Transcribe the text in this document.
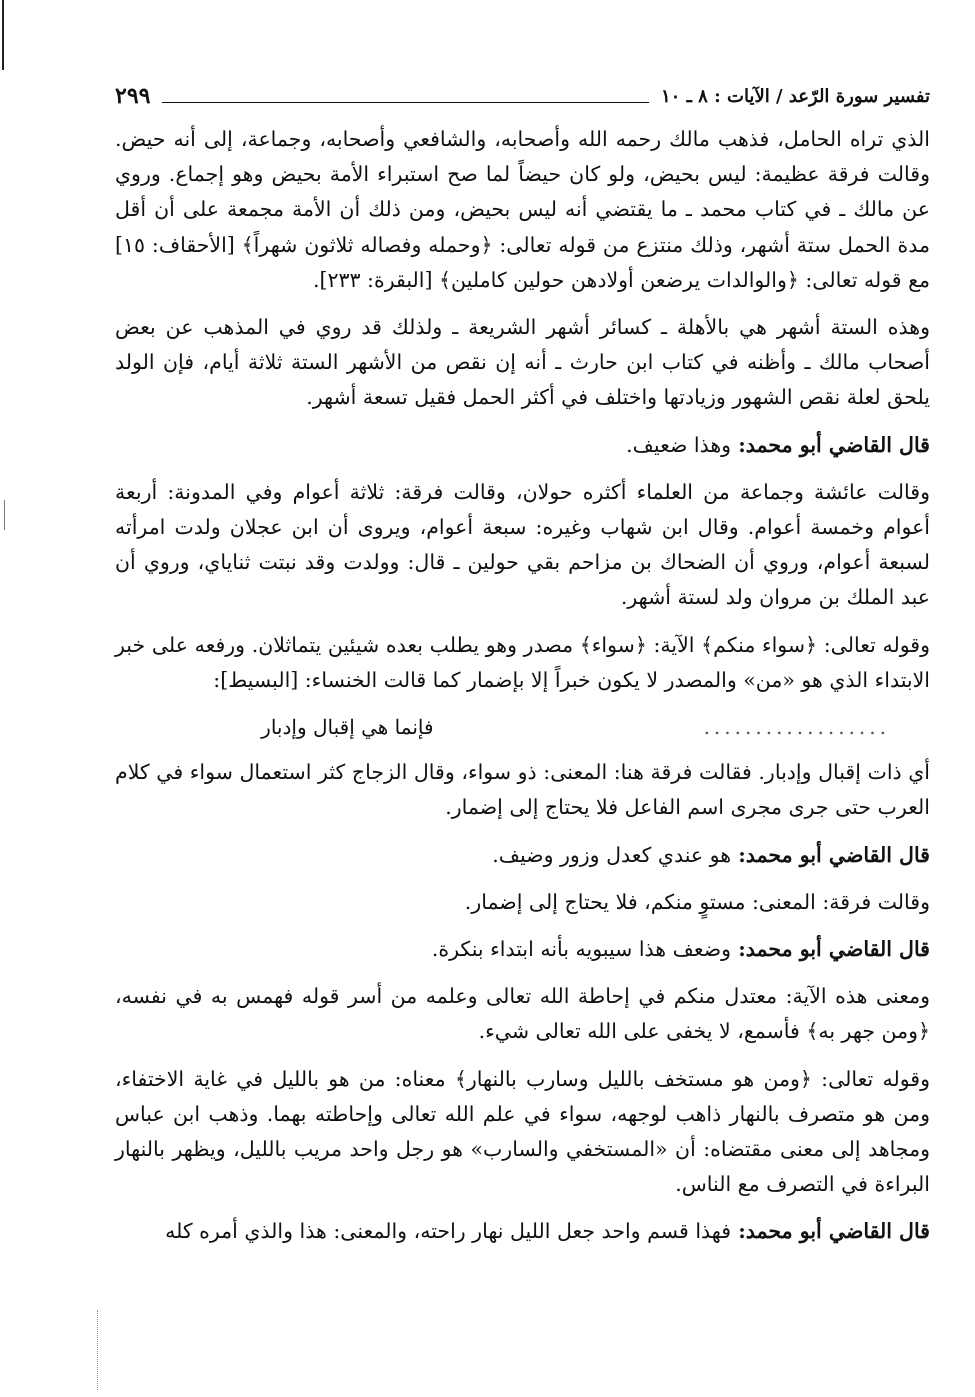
تفسير سورة الرّعد / الآيات : ٨ ـ ١٠
٢٩٩

الذي تراه الحامل، فذهب مالك رحمه الله وأصحابه، والشافعي وأصحابه، وجماعة، إلى أنه حيض. وقالت فرقة عظيمة: ليس بحيض، ولو كان حيضاً لما صح استبراء الأمة بحيض وهو إجماع. وروي عن مالك ـ في كتاب محمد ـ ما يقتضي أنه ليس بحيض، ومن ذلك أن الأمة مجمعة على أن أقل مدة الحمل ستة أشهر، وذلك منتزع من قوله تعالى: ﴿وحمله وفصاله ثلاثون شهراً﴾ [الأحقاف: ١٥] مع قوله تعالى: ﴿والوالدات يرضعن أولادهن حولين كاملين﴾ [البقرة: ٢٣٣].

وهذه الستة أشهر هي بالأهلة ـ كسائر أشهر الشريعة ـ ولذلك قد روي في المذهب عن بعض أصحاب مالك ـ وأظنه في كتاب ابن حارث ـ أنه إن نقص من الأشهر الستة ثلاثة أيام، فإن الولد يلحق لعلة نقص الشهور وزيادتها واختلف في أكثر الحمل فقيل تسعة أشهر.

قال القاضي أبو محمد: وهذا ضعيف.

وقالت عائشة وجماعة من العلماء أكثره حولان، وقالت فرقة: ثلاثة أعوام وفي المدونة: أربعة أعوام وخمسة أعوام. وقال ابن شهاب وغيره: سبعة أعوام، ويروى أن ابن عجلان ولدت امرأته لسبعة أعوام، وروي أن الضحاك بن مزاحم بقي حولين ـ قال: وولدت وقد نبتت ثناياي، وروي أن عبد الملك بن مروان ولد لستة أشهر.

وقوله تعالى: ﴿سواء منكم﴾ الآية: ﴿سواء﴾ مصدر وهو يطلب بعده شيئين يتماثلان. ورفعه على خبر الابتداء الذي هو «من» والمصدر لا يكون خبراً إلا بإضمار كما قالت الخنساء: [البسيط]:

..................
فإنما هي إقبال وإدبار

أي ذات إقبال وإدبار. فقالت فرقة هنا: المعنى: ذو سواء، وقال الزجاج كثر استعمال سواء في كلام العرب حتى جرى مجرى اسم الفاعل فلا يحتاج إلى إضمار.

قال القاضي أبو محمد: هو عندي كعدل وزور وضيف.

وقالت فرقة: المعنى: مستوٍ منكم، فلا يحتاج إلى إضمار.

قال القاضي أبو محمد: وضعف هذا سيبويه بأنه ابتداء بنكرة.

ومعنى هذه الآية: معتدل منكم في إحاطة الله تعالى وعلمه من أسر قوله فهمس به في نفسه، ﴿ومن جهر به﴾ فأسمع، لا يخفى على الله تعالى شيء.

وقوله تعالى: ﴿ومن هو مستخف بالليل وسارب بالنهار﴾ معناه: من هو بالليل في غاية الاختفاء، ومن هو متصرف بالنهار ذاهب لوجهه، سواء في علم الله تعالى وإحاطته بهما. وذهب ابن عباس ومجاهد إلى معنى مقتضاه: أن «المستخفي والسارب» هو رجل واحد مريب بالليل، ويظهر بالنهار البراءة في التصرف مع الناس.

قال القاضي أبو محمد: فهذا قسم واحد جعل الليل نهار راحته، والمعنى: هذا والذي أمره كله
